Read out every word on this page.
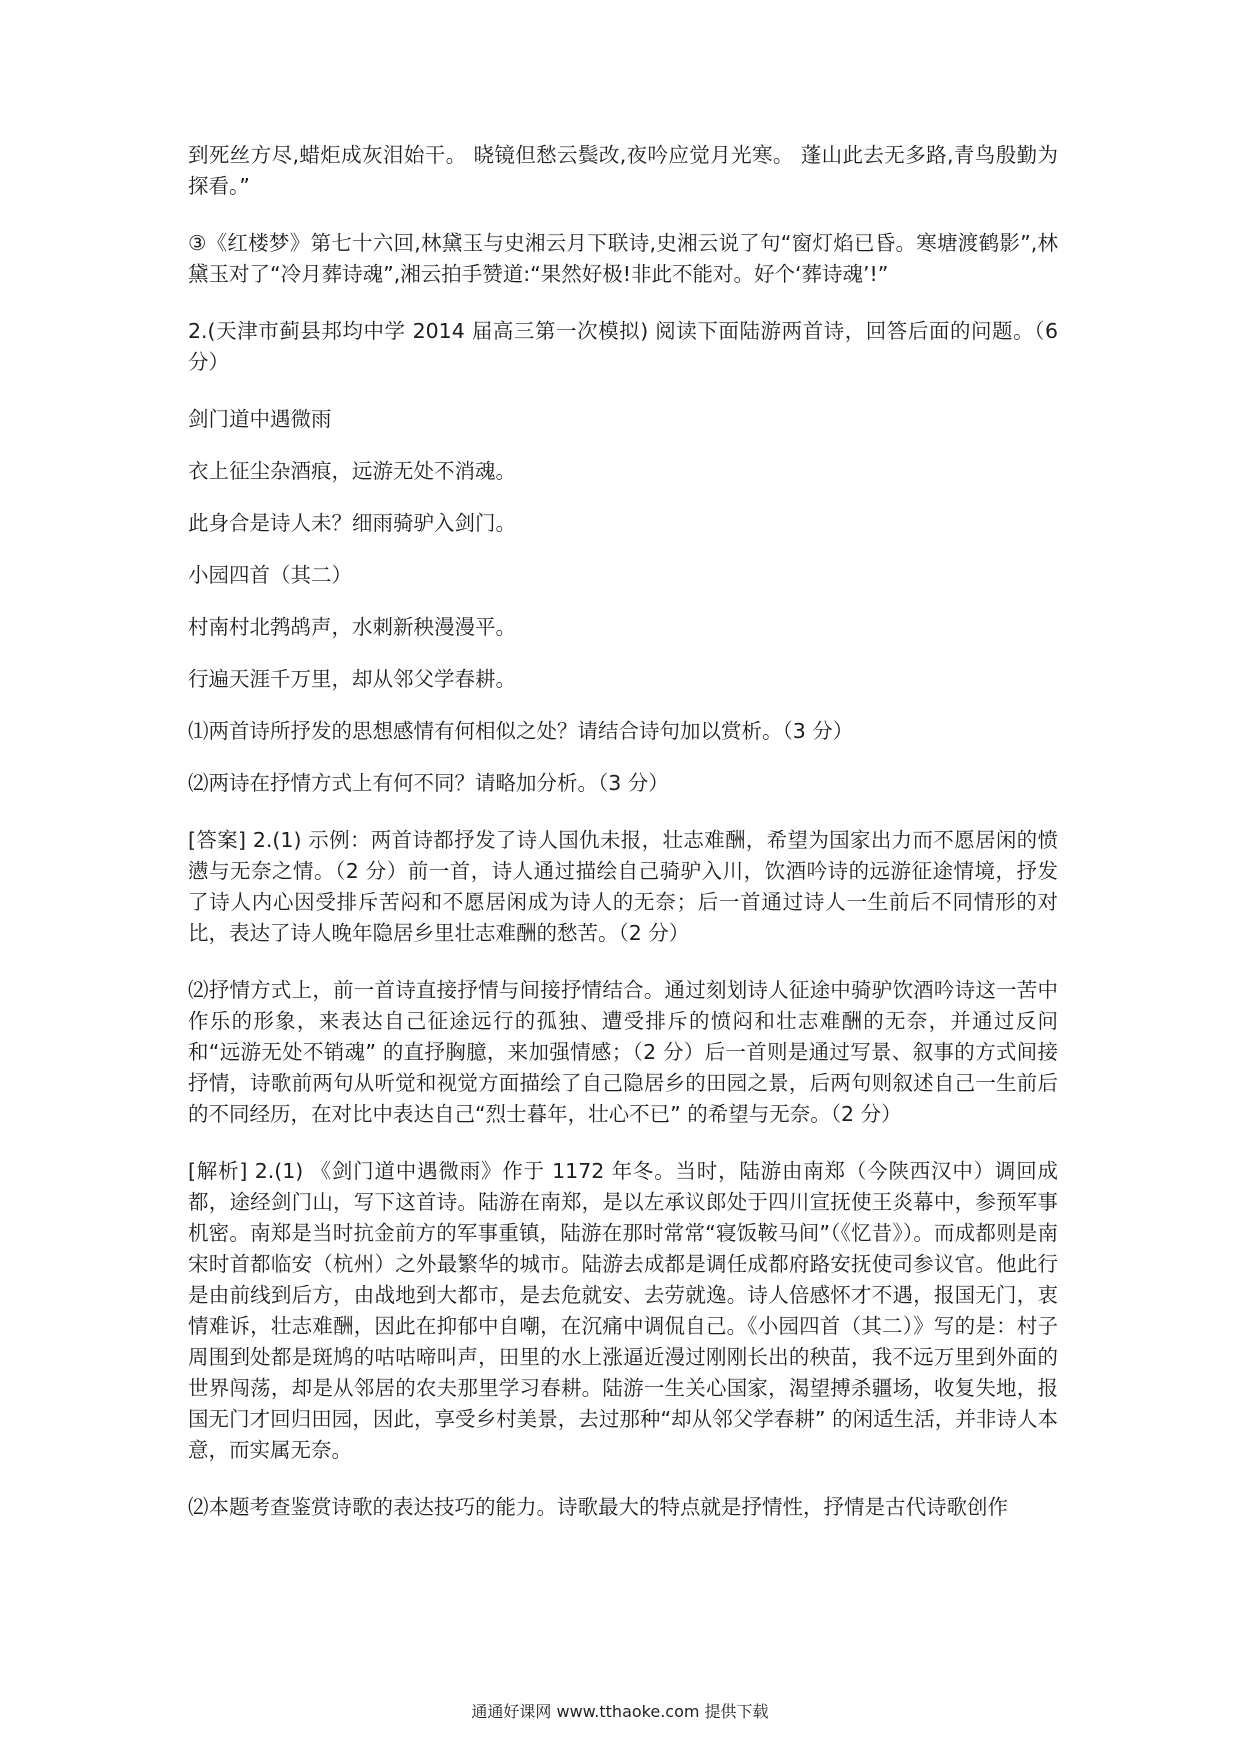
到死丝方尽,蜡炬成灰泪始干。 晓镜但愁云鬓改,夜吟应觉月光寒。 蓬山此去无多路,青鸟殷勤为探看。”

③《红楼梦》第七十六回,林黛玉与史湘云月下联诗,史湘云说了句“窗灯焰已昏。寒塘渡鹤影”,林黛玉对了“冷月葬诗魂”,湘云拍手赞道:“果然好极!非此不能对。好个‘葬诗魂’!”

2.(天津市蓟县邦均中学 2014 届高三第一次模拟) 阅读下面陆游两首诗，回答后面的问题。（6 分）

剑门道中遇微雨

衣上征尘杂酒痕，远游无处不消魂。

此身合是诗人未？细雨骑驴入剑门。

小园四首（其二）

村南村北鹁鸪声，水刺新秧漫漫平。

行遍天涯千万里，却从邻父学春耕。

⑴两首诗所抒发的思想感情有何相似之处？请结合诗句加以赏析。（3 分）

⑵两诗在抒情方式上有何不同？请略加分析。（3 分）

[答案] 2.(1) 示例：两首诗都抒发了诗人国仇未报，壮志难酬，希望为国家出力而不愿居闲的愤懑与无奈之情。（2 分）前一首，诗人通过描绘自己骑驴入川，饮酒吟诗的远游征途情境，抒发了诗人内心因受排斥苦闷和不愿居闲成为诗人的无奈；后一首通过诗人一生前后不同情形的对比，表达了诗人晚年隐居乡里壮志难酬的愁苦。（2 分）

⑵抒情方式上，前一首诗直接抒情与间接抒情结合。通过刻划诗人征途中骑驴饮酒吟诗这一苦中作乐的形象，来表达自己征途远行的孤独、遭受排斥的愤闷和壮志难酬的无奈，并通过反问和“远游无处不销魂” 的直抒胸臆，来加强情感；（2 分）后一首则是通过写景、叙事的方式间接抒情，诗歌前两句从听觉和视觉方面描绘了自己隐居乡的田园之景，后两句则叙述自己一生前后的不同经历，在对比中表达自己“烈士暮年，壮心不已” 的希望与无奈。（2 分）

[解析] 2.(1) 《剑门道中遇微雨》作于 1172 年冬。当时，陆游由南郑（今陕西汉中）调回成都，途经剑门山，写下这首诗。陆游在南郑，是以左承议郎处于四川宣抚使王炎幕中，参预军事机密。南郑是当时抗金前方的军事重镇，陆游在那时常常“寝饭鞍马间”（《忆昔》）。而成都则是南宋时首都临安（杭州）之外最繁华的城市。陆游去成都是调任成都府路安抚使司参议官。他此行是由前线到后方，由战地到大都市，是去危就安、去劳就逸。诗人倍感怀才不遇，报国无门，衷情难诉，壮志难酬，因此在抑郁中自嘲，在沉痛中调侃自己。《小园四首（其二）》写的是：村子周围到处都是斑鸠的咕咕啼叫声，田里的水上涨逼近漫过刚刚长出的秧苗，我不远万里到外面的世界闯荡，却是从邻居的农夫那里学习春耕。陆游一生关心国家，渴望搏杀疆场，收复失地，报国无门才回归田园，因此，享受乡村美景，去过那种“却从邻父学春耕” 的闲适生活，并非诗人本意，而实属无奈。

⑵本题考查鉴赏诗歌的表达技巧的能力。诗歌最大的特点就是抒情性，抒情是古代诗歌创作

通通好课网 www.tthaoke.com 提供下载
